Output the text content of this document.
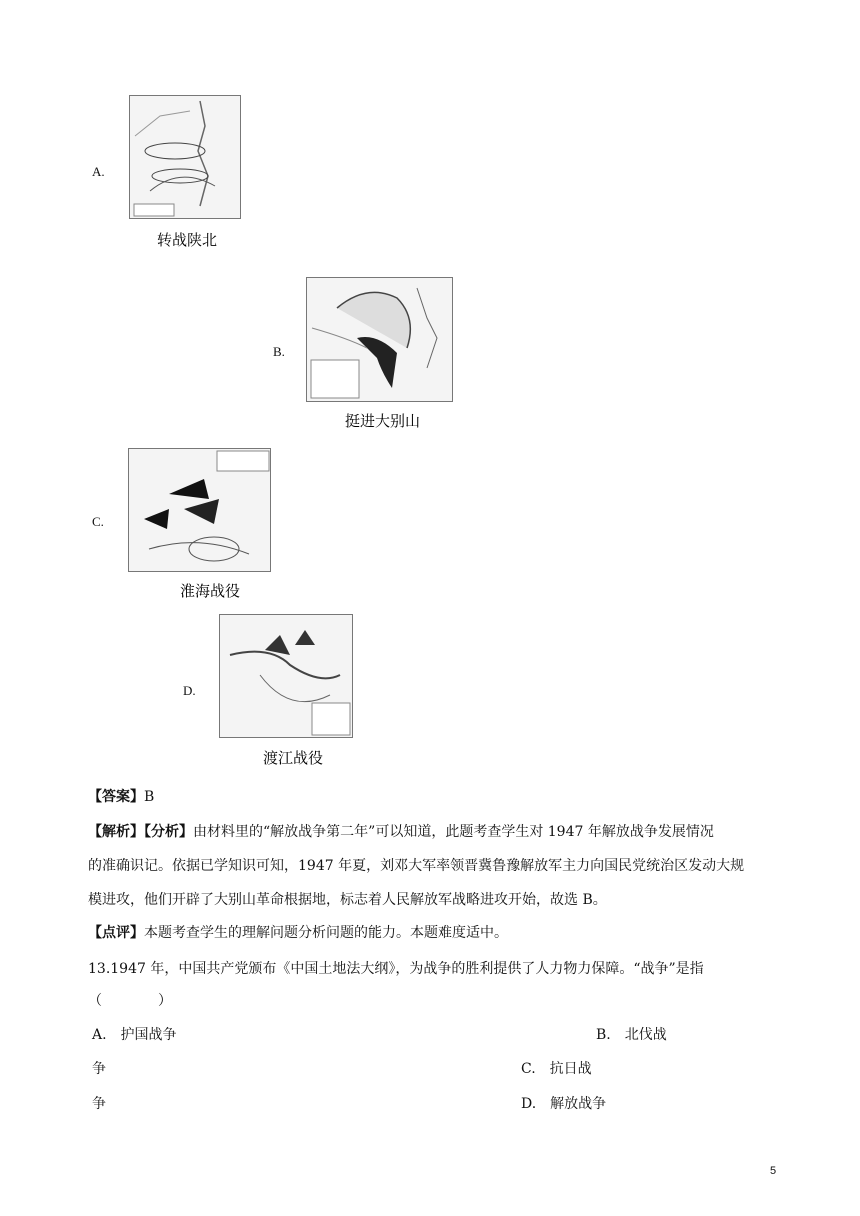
A.
转战陕北
B.
挺进大别山
C.
淮海战役
D.
渡江战役
【答案】B
【解析】【分析】由材料里的“解放战争第二年”可以知道，此题考查学生对 1947 年解放战争发展情况
的准确识记。依据已学知识可知，1947 年夏，刘邓大军率领晋冀鲁豫解放军主力向国民党统治区发动大规
模进攻，他们开辟了大别山革命根据地，标志着人民解放军战略进攻开始，故选 B。
【点评】本题考查学生的理解问题分析问题的能力。本题难度适中。
13.1947 年，中国共产党颁布《中国土地法大纲》，为战争的胜利提供了人力物力保障。“战争”是指
（　　　　）
A.　护国战争	B.　北伐战
争	C.　抗日战
争	D.　解放战争
5
